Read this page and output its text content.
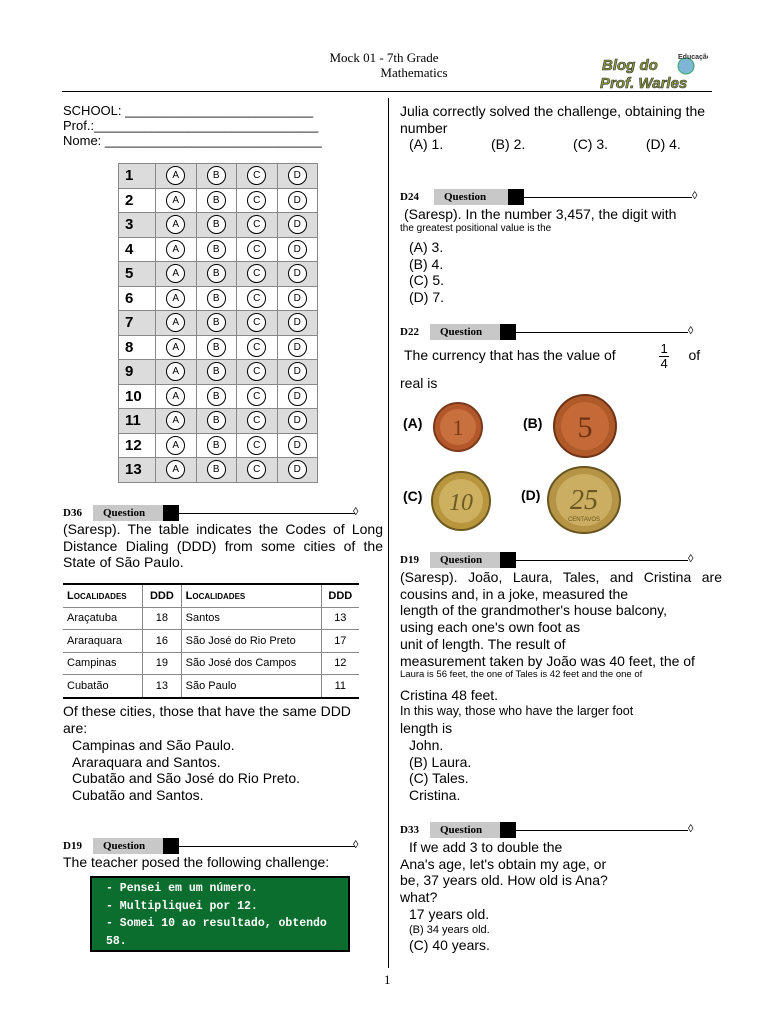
Mock 01 - 7th Grade
Mathematics	Blog do
Prof. Warles
Educação
SCHOOL: __________________________
Prof.:_______________________________
Nome: ______________________________
1	A	B	C	D
2	A	B	C	D
3	A	B	C	D
4	A	B	C	D
5	A	B	C	D
6	A	B	C	D
7	A	B	C	D
8	A	B	C	D
9	A	B	C	D
10	A	B	C	D
11	A	B	C	D
12	A	B	C	D
13	A	B	C	D
D36	Question	◊
(Saresp). The table indicates the Codes of Long Distance Dialing (DDD) from some cities of the State of São Paulo.
Localidades	DDD	Localidades	DDD
Araçatuba	18	Santos	13
Araraquara	16	São José do Rio Preto	17
Campinas	19	São José dos Campos	12
Cubatão	13	São Paulo	11
Of these cities, those that have the same DDD are:
Campinas and São Paulo.
Araraquara and Santos.
Cubatão and São José do Rio Preto.
Cubatão and Santos.
D19	Question	◊
The teacher posed the following challenge:
- Pensei em um número.
- Multipliquei por 12.
- Somei 10 ao resultado, obtendo 58.
- Em qual número eu pensei?
Julia correctly solved the challenge, obtaining the number
(A) 1.	(B) 2.	(C) 3.	(D) 4.
D24	Question	◊
(Saresp). In the number 3,457, the digit with
the greatest positional value is the
(A) 3.
(B) 4.
(C) 5.
(D) 7.
D22	Question	◊
The currency that has the value of	$\frac{1}{4}$ of
real is
(A) 1	(B) 5
(C) 10	(D) 25
CENTAVOS
D19	Question	◊
(Saresp). João, Laura, Tales, and Cristina are cousins and, in a joke, measured the
length of the grandmother's house balcony,
using each one's own foot as
unit of length. The result of
measurement taken by João was 40 feet, the of
Laura is 56 feet, the one of Tales is 42 feet and the one of
Cristina 48 feet.
In this way, those who have the larger foot
length is
John.
(B) Laura.
(C) Tales.
Cristina.
D33	Question	◊
If we add 3 to double the
Ana's age, let's obtain my age, or
be, 37 years old. How old is Ana?
what?
17 years old.
(B) 34 years old.
(C) 40 years.
1
